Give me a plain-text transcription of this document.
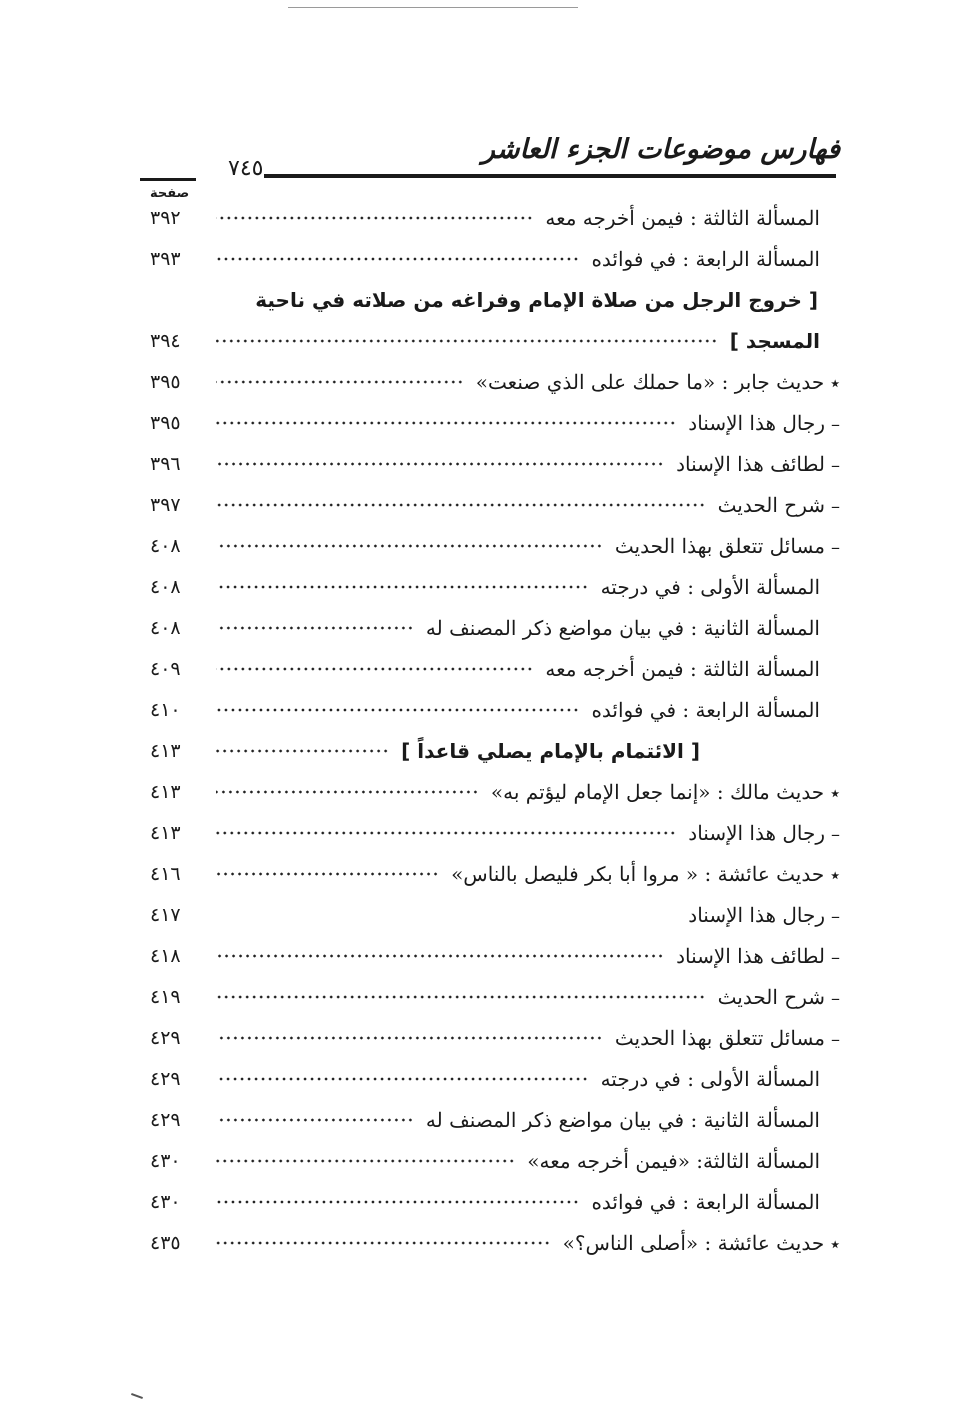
فهارس موضوعات الجزء العاشر
٧٤٥
صفحة
٣٩٢	المسألة الثالثة : فيمن أخرجه معه
٣٩٣	المسألة الرابعة : في فوائده
[ خروج الرجل من صلاة الإمام وفراغه من صلاته في ناحية
٣٩٤	المسجد ]
٣٩٥	٭حديث جابر : «ما حملك على الذي صنعت»
٣٩٥	–رجال هذا الإسناد
٣٩٦	–لطائف هذا الإسناد
٣٩٧	–شرح الحديث
٤٠٨	–مسائل تتعلق بهذا الحديث
٤٠٨	المسألة الأولى : في درجته
٤٠٨	المسألة الثانية : في بيان مواضع ذكر المصنف له
٤٠٩	المسألة الثالثة : فيمن أخرجه معه
٤١٠	المسألة الرابعة : في فوائده
٤١٣	[ الائتمام بالإمام يصلي قاعداً ]
٤١٣	٭حديث مالك : «إنما جعل الإمام ليؤتم به»
٤١٣	–رجال هذا الإسناد
٤١٦	٭حديث عائشة : « مروا أبا بكر فليصل بالناس»
٤١٧	–رجال هذا الإسناد
٤١٨	–لطائف هذا الإسناد
٤١٩	–شرح الحديث
٤٢٩	–مسائل تتعلق بهذا الحديث
٤٢٩	المسألة الأولى : في درجته
٤٢٩	المسألة الثانية : في بيان مواضع ذكر المصنف له
٤٣٠	المسألة الثالثة: «فيمن أخرجه معه»
٤٣٠	المسألة الرابعة : في فوائده
٤٣٥	٭حديث عائشة : «أصلى الناس؟»
